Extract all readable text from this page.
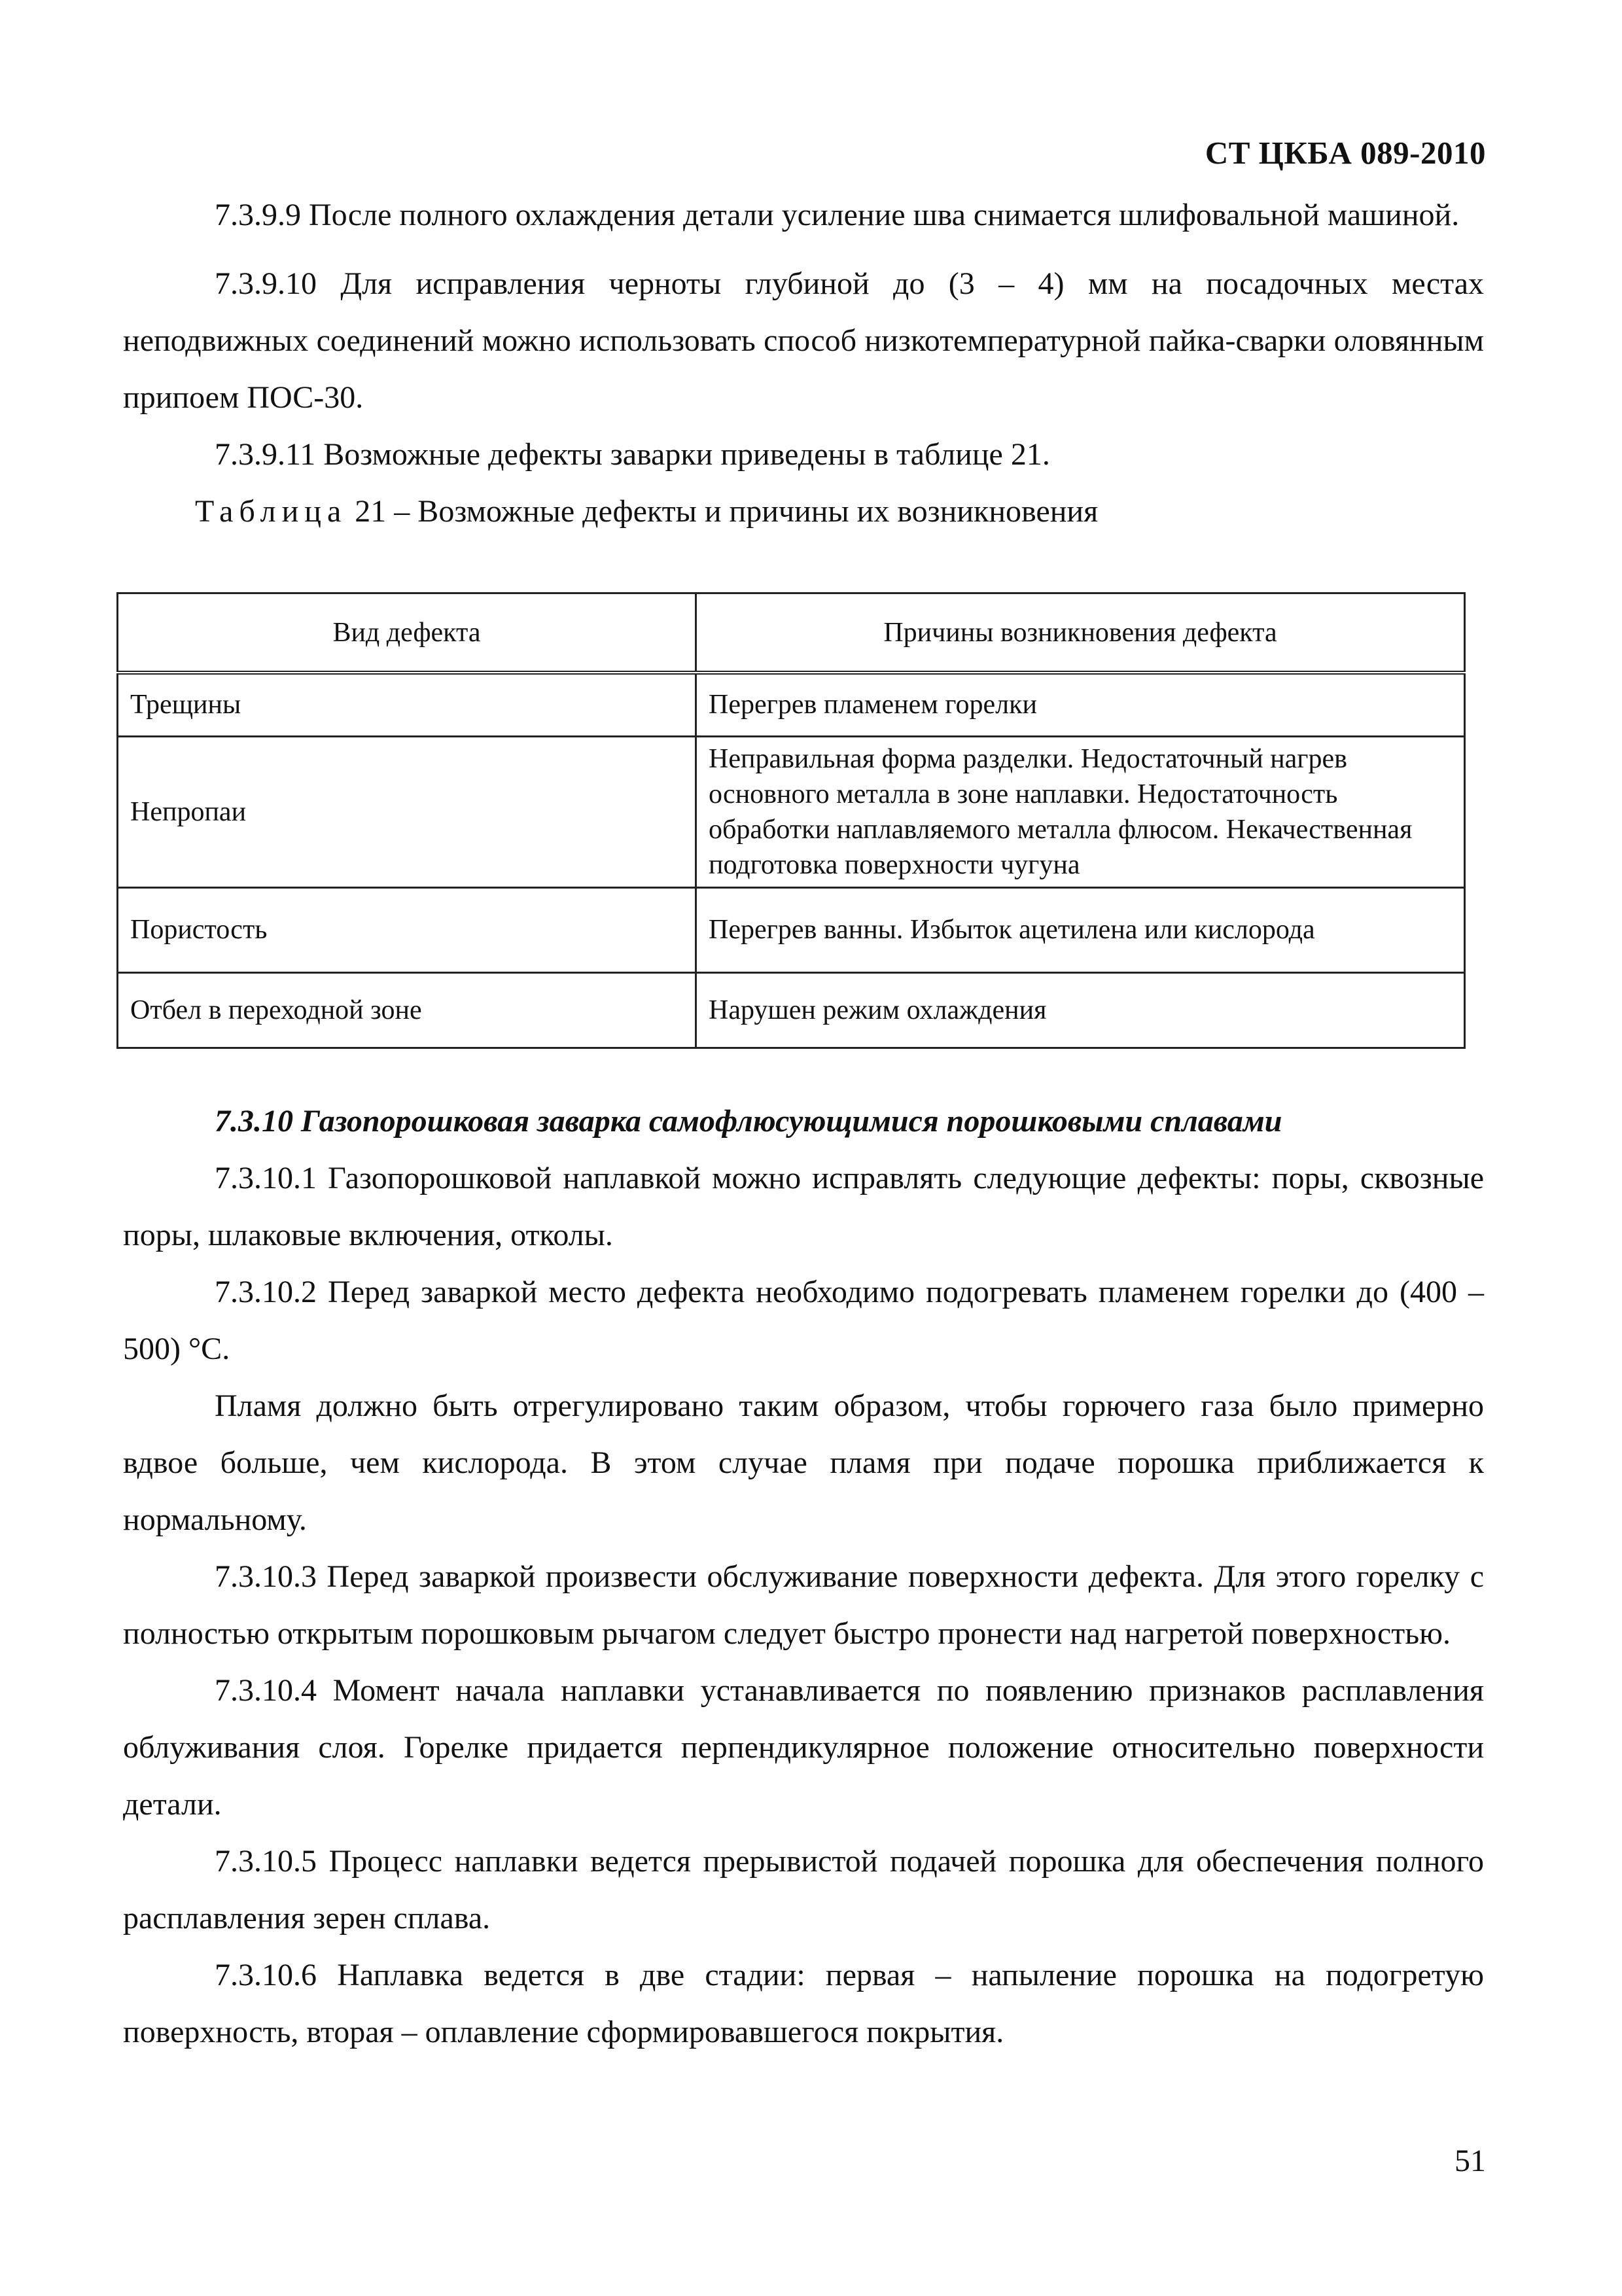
СТ ЦКБА 089-2010

7.3.9.9 После полного охлаждения детали усиление шва снимается шлифовальной машиной.

7.3.9.10 Для исправления черноты глубиной до (3 – 4) мм на посадочных местах неподвижных соединений можно использовать способ низкотемпературной пайка-сварки оловянным припоем ПОС-30.

7.3.9.11 Возможные дефекты заварки приведены в таблице 21.

Таблица 21 – Возможные дефекты и причины их возникновения

Вид дефекта	Причины возникновения дефекта
Трещины	Перегрев пламенем горелки
Непропаи	Неправильная форма разделки. Недостаточный нагрев основного металла в зоне наплавки. Недостаточность обработки наплавляемого металла флюсом. Некачественная подготовка поверхности чугуна
Пористость	Перегрев ванны. Избыток ацетилена или кислорода
Отбел в переходной зоне	Нарушен режим охлаждения

7.3.10 Газопорошковая заварка самофлюсующимися порошковыми сплавами

7.3.10.1 Газопорошковой наплавкой можно исправлять следующие дефекты: поры, сквозные поры, шлаковые включения, отколы.

7.3.10.2 Перед заваркой место дефекта необходимо подогревать пламенем горелки до (400 – 500) °С.

Пламя должно быть отрегулировано таким образом, чтобы горючего газа было примерно вдвое больше, чем кислорода. В этом случае пламя при подаче порошка приближается к нормальному.

7.3.10.3 Перед заваркой произвести обслуживание поверхности дефекта. Для этого горелку с полностью открытым порошковым рычагом следует быстро пронести над нагретой поверхностью.

7.3.10.4 Момент начала наплавки устанавливается по появлению признаков расплавления облуживания слоя. Горелке придается перпендикулярное положение относительно поверхности детали.

7.3.10.5 Процесс наплавки ведется прерывистой подачей порошка для обеспечения полного расплавления зерен сплава.

7.3.10.6 Наплавка ведется в две стадии: первая – напыление порошка на подогретую поверхность, вторая – оплавление сформировавшегося покрытия.

51
